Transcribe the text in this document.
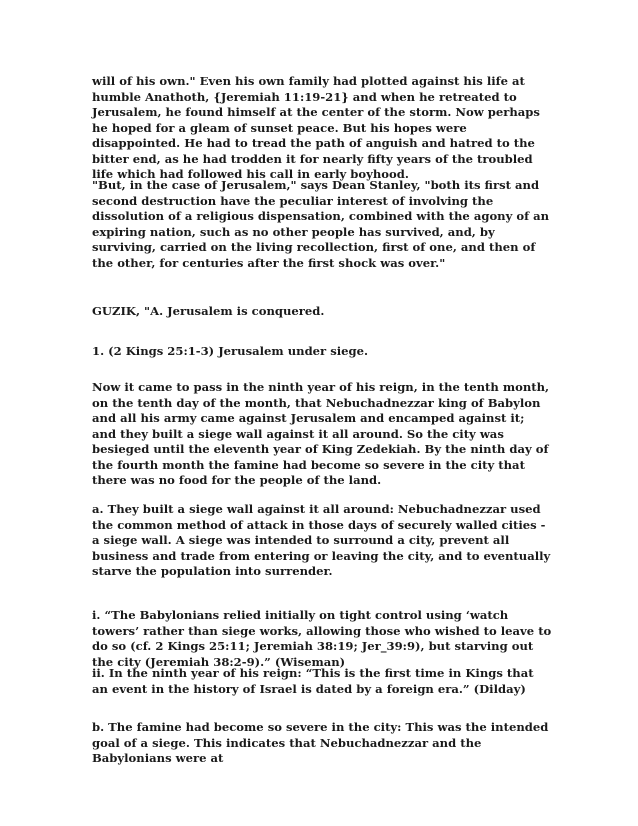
will of his own." Even his own family had plotted against his life at humble Anathoth, {Jeremiah 11:19-21} and when he retreated to Jerusalem, he found himself at the center of the storm. Now perhaps he hoped for a gleam of sunset peace. But his hopes were disappointed. He had to tread the path of anguish and hatred to the bitter end, as he had trodden it for nearly fifty years of the troubled life which had followed his call in early boyhood.

"But, in the case of Jerusalem," says Dean Stanley, "both its first and second destruction have the peculiar interest of involving the dissolution of a religious dispensation, combined with the agony of an expiring nation, such as no other people has survived, and, by surviving, carried on the living recollection, first of one, and then of the other, for centuries after the first shock was over."

GUZIK, "A. Jerusalem is conquered.

1. (2 Kings 25:1-3) Jerusalem under siege.

Now it came to pass in the ninth year of his reign, in the tenth month, on the tenth day of the month, that Nebuchadnezzar king of Babylon and all his army came against Jerusalem and encamped against it; and they built a siege wall against it all around. So the city was besieged until the eleventh year of King Zedekiah. By the ninth day of the fourth month the famine had become so severe in the city that there was no food for the people of the land.

a. They built a siege wall against it all around: Nebuchadnezzar used the common method of attack in those days of securely walled cities - a siege wall. A siege was intended to surround a city, prevent all business and trade from entering or leaving the city, and to eventually starve the population into surrender.

i. “The Babylonians relied initially on tight control using ‘watch towers’ rather than siege works, allowing those who wished to leave to do so (cf. 2 Kings 25:11; Jeremiah 38:19; Jer_39:9), but starving out the city (Jeremiah 38:2-9).” (Wiseman)

ii. In the ninth year of his reign: “This is the first time in Kings that an event in the history of Israel is dated by a foreign era.” (Dilday)

b. The famine had become so severe in the city: This was the intended goal of a siege. This indicates that Nebuchadnezzar and the Babylonians were at
